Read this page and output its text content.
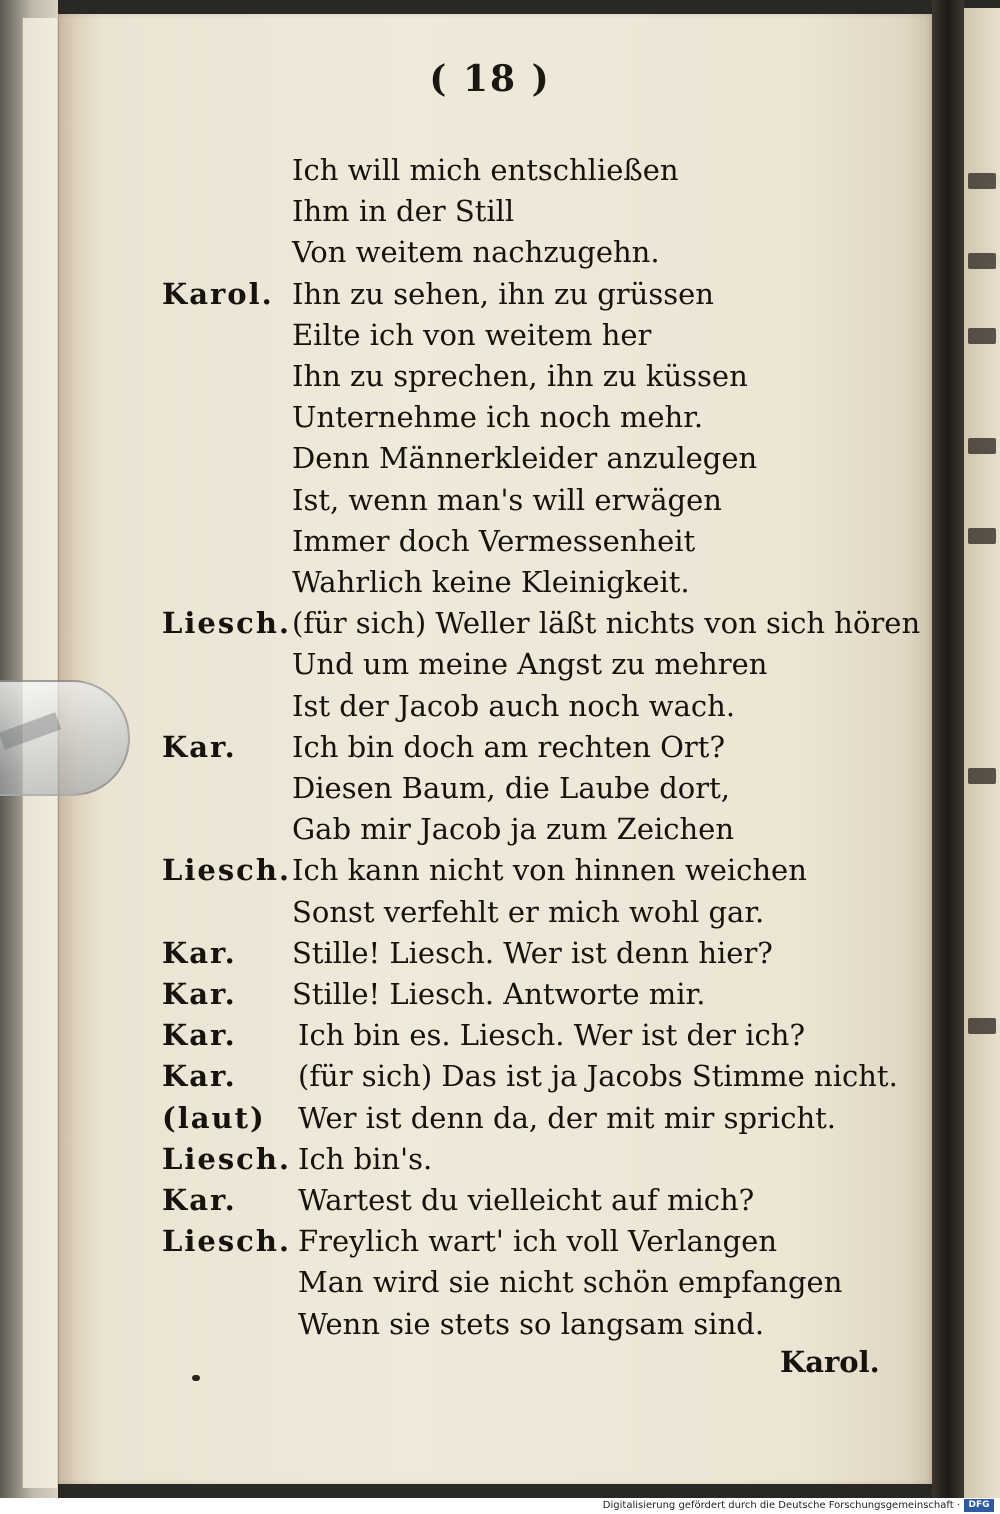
( 18 )
Ich will mich entschließen
Ihm in der Still
Von weitem nachzugehn.
Karol. Ihn zu sehen, ihn zu grüssen
Eilte ich von weitem her
Ihn zu sprechen, ihn zu küssen
Unternehme ich noch mehr.
Denn Männerkleider anzulegen
Ist, wenn man's will erwägen
Immer doch Vermessenheit
Wahrlich keine Kleinigkeit.
Liesch. (für sich) Weller läßt nichts von sich hören
Und um meine Angst zu mehren
Ist der Jacob auch noch wach.
Kar. Ich bin doch am rechten Ort?
Diesen Baum, die Laube dort,
Gab mir Jacob ja zum Zeichen
Liesch. Ich kann nicht von hinnen weichen
Sonst verfehlt er mich wohl gar.
Kar. Stille! Liesch. Wer ist denn hier?
Kar. Stille! Liesch. Antworte mir.
Kar. Ich bin es. Liesch. Wer ist der ich?
Kar. (für sich) Das ist ja Jacobs Stimme nicht.
(laut) Wer ist denn da, der mit mir spricht.
Liesch. Ich bin's.
Kar. Wartest du vielleicht auf mich?
Liesch. Freylich wart' ich voll Verlangen
Man wird sie nicht schön empfangen
Wenn sie stets so langsam sind.
Karol.
Digitalisierung gefördert durch die Deutsche Forschungsgemeinschaft · DFG
